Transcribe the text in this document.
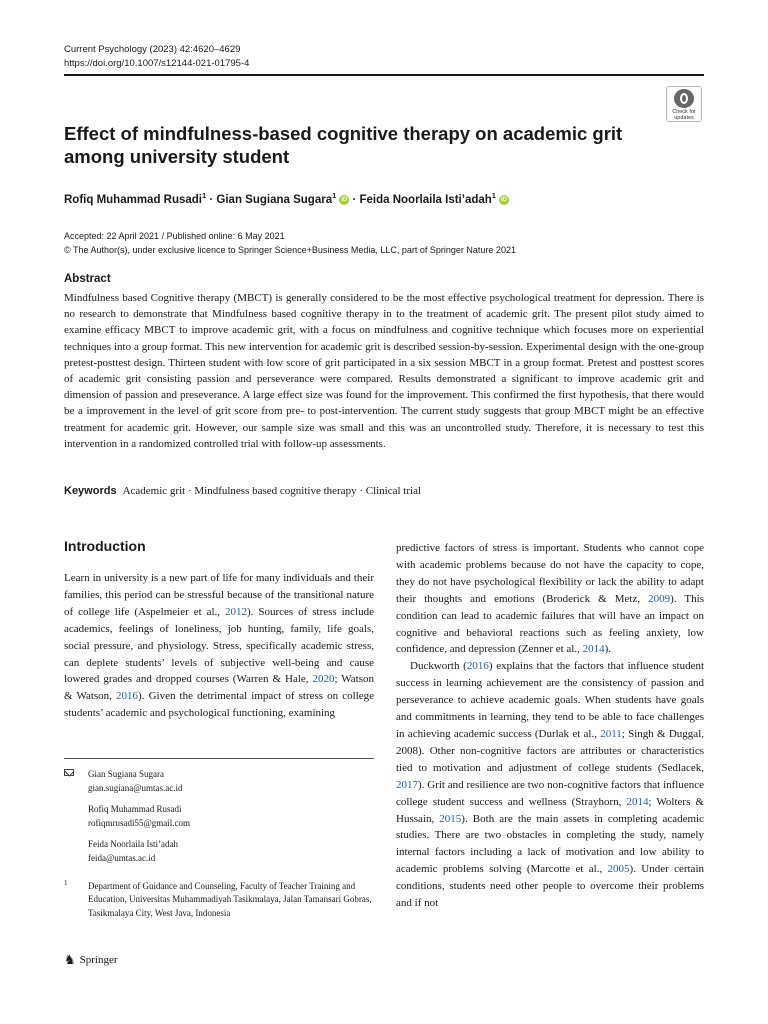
Current Psychology (2023) 42:4620–4629
https://doi.org/10.1007/s12144-021-01795-4
Check for
updates
Effect of mindfulness-based cognitive therapy on academic grit among university student
Rofiq Muhammad Rusadi$^1$ · Gian Sugiana Sugara$^1$ iD · Feida Noorlaila Isti’adah$^1$ iD
Accepted: 22 April 2021 / Published online: 6 May 2021
© The Author(s), under exclusive licence to Springer Science+Business Media, LLC, part of Springer Nature 2021
Abstract
Mindfulness based Cognitive therapy (MBCT) is generally considered to be the most effective psychological treatment for depression. There is no research to demonstrate that Mindfulness based cognitive therapy in to the treatment of academic grit. The present pilot study aimed to examine efficacy MBCT to improve academic grit, with a focus on mindfulness and cognitive technique which focuses more on experiential techniques into a group format. This new intervention for academic grit is described session-by-session. Experimental design with the one-group pretest-posttest design. Thirteen student with low score of grit participated in a six session MBCT in a group format. Pretest and posttest scores of academic grit consisting passion and perseverance were compared. Results demonstrated a significant to improve academic grit and dimension of passion and preseverance. A large effect size was found for the improvement. This confirmed the first hypothesis, that there would be a improvement in the level of grit score from pre- to post-intervention. The current study suggests that group MBCT might be an effective treatment for academic grit. However, our sample size was small and this was an uncontrolled study. Therefore, it is necessary to test this intervention in a randomized controlled trial with follow-up assessments.
Keywords Academic grit · Mindfulness based cognitive therapy · Clinical trial
Introduction

Learn in university is a new part of life for many individuals and their families, this period can be stressful because of the transitional nature of college life (Aspelmeier et al., 2012). Sources of stress include academics, feelings of loneliness, job hunting, family, life goals, social pressure, and physiology. Stress, specifically academic stress, can deplete students’ levels of subjective well-being and cause lowered grades and dropped courses (Warren & Hale, 2020; Watson & Watson, 2016). Given the detrimental impact of stress on college students’ academic and psychological functioning, examining

Gian Sugiana Sugara
gian.sugiana@umtas.ac.id
Rofiq Muhammad Rusadi
rofiqmrusadi55@gmail.com
Feida Noorlaila Isti’adah
feida@umtas.ac.id
1 Department of Guidance and Counseling, Faculty of Teacher Training and Education, Universitas Muhammadiyah Tasikmalaya, Jalan Tamansari Gobras, Tasikmalaya City, West Java, Indonesia

predictive factors of stress is important. Students who cannot cope with academic problems because do not have the capacity to cope, they do not have psychological flexibility or lack the ability to adapt their thoughts and emotions (Broderick & Metz, 2009). This condition can lead to academic failures that will have an impact on cognitive and behavioral reactions such as feeling anxiety, low confidence, and depression (Zenner et al., 2014).

Duckworth (2016) explains that the factors that influence student success in learning achievement are the consistency of passion and perseverance to achieve academic goals. When students have goals and commitments in learning, they tend to be able to face challenges in achieving academic success (Durlak et al., 2011; Singh & Duggal, 2008). Other non-cognitive factors are attributes or characteristics tied to motivation and adjustment of college students (Sedlacek, 2017). Grit and resilience are two non-cognitive factors that influence college student success and wellness (Strayhorn, 2014; Wolters & Hussain, 2015). Both are the main assets in completing academic studies. There are two obstacles in completing the study, namely internal factors including a lack of motivation and low ability to academic problems solving (Marcotte et al., 2005). Under certain conditions, students need other people to overcome their problems and if not

♞ Springer
